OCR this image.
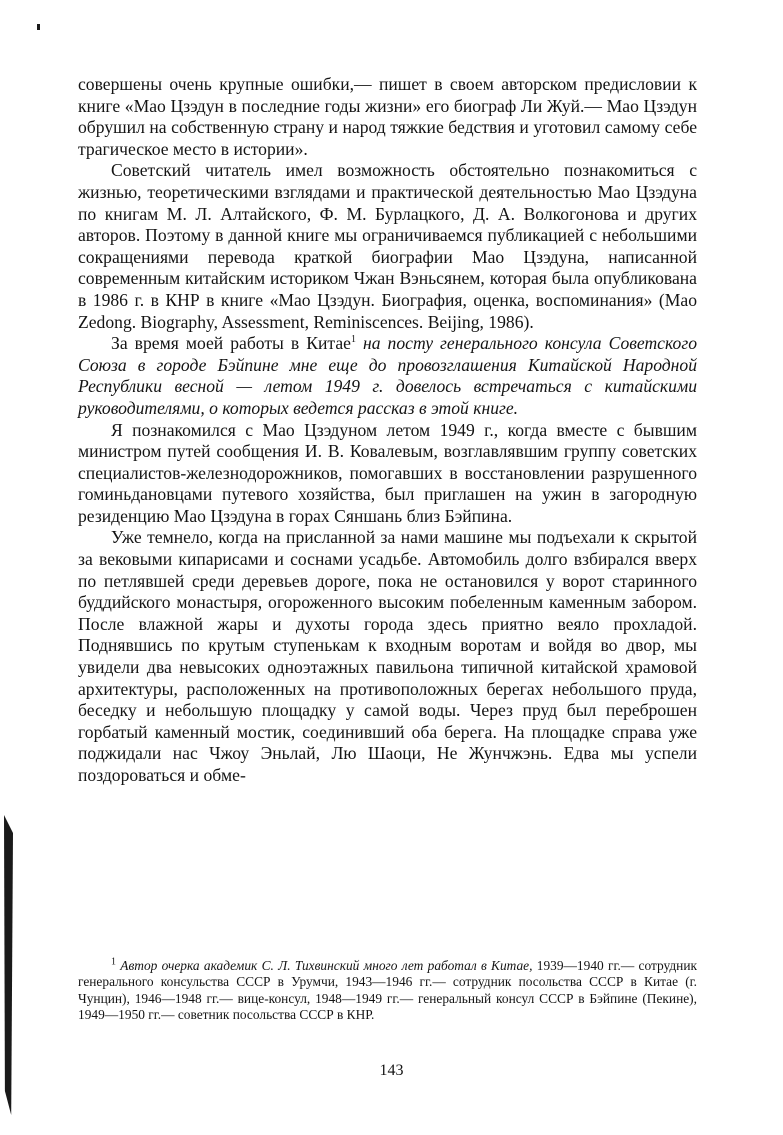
совершены очень крупные ошибки,— пишет в своем авторском предисловии к книге «Мао Цзэдун в последние годы жизни» его биограф Ли Жуй.— Мао Цзэдун обрушил на собственную страну и народ тяжкие бедствия и уготовил самому себе трагическое место в истории».

Советский читатель имел возможность обстоятельно познакомиться с жизнью, теоретическими взглядами и практической деятельностью Мао Цзэдуна по книгам М. Л. Алтайского, Ф. М. Бурлацкого, Д. А. Волкогонова и других авторов. Поэтому в данной книге мы ограничиваемся публикацией с небольшими сокращениями перевода краткой биографии Мао Цзэдуна, написанной современным китайским историком Чжан Вэньсянем, которая была опубликована в 1986 г. в КНР в книге «Мао Цзэдун. Биография, оценка, воспоминания» (Mao Zedong. Biography, Assessment, Reminiscences. Beijing, 1986).

За время моей работы в Китае$^1$ на посту генерального консула Советского Союза в городе Бэйпине мне еще до провозглашения Китайской Народной Республики весной — летом 1949 г. довелось встречаться с китайскими руководителями, о которых ведется рассказ в этой книге.

Я познакомился с Мао Цзэдуном летом 1949 г., когда вместе с бывшим министром путей сообщения И. В. Ковалевым, возглавлявшим группу советских специалистов-железнодорожников, помогавших в восстановлении разрушенного гоминьдановцами путевого хозяйства, был приглашен на ужин в загородную резиденцию Мао Цзэдуна в горах Сяншань близ Бэйпина.

Уже темнело, когда на присланной за нами машине мы подъехали к скрытой за вековыми кипарисами и соснами усадьбе. Автомобиль долго взбирался вверх по петлявшей среди деревьев дороге, пока не остановился у ворот старинного буддийского монастыря, огороженного высоким побеленным каменным забором. После влажной жары и духоты города здесь приятно веяло прохладой. Поднявшись по крутым ступенькам к входным воротам и войдя во двор, мы увидели два невысоких одноэтажных павильона типичной китайской храмовой архитектуры, расположенных на противоположных берегах небольшого пруда, беседку и небольшую площадку у самой воды. Через пруд был переброшен горбатый каменный мостик, соединивший оба берега. На площадке справа уже поджидали нас Чжоу Эньлай, Лю Шаоци, Не Жунчжэнь. Едва мы успели поздороваться и обме-

$^1$ Автор очерка академик С. Л. Тихвинский много лет работал в Китае, 1939—1940 гг.— сотрудник генерального консульства СССР в Урумчи, 1943—1946 гг.— сотрудник посольства СССР в Китае (г. Чунцин), 1946—1948 гг.— вице-консул, 1948—1949 гг.— генеральный консул СССР в Бэйпине (Пекине), 1949—1950 гг.— советник посольства СССР в КНР.

143
